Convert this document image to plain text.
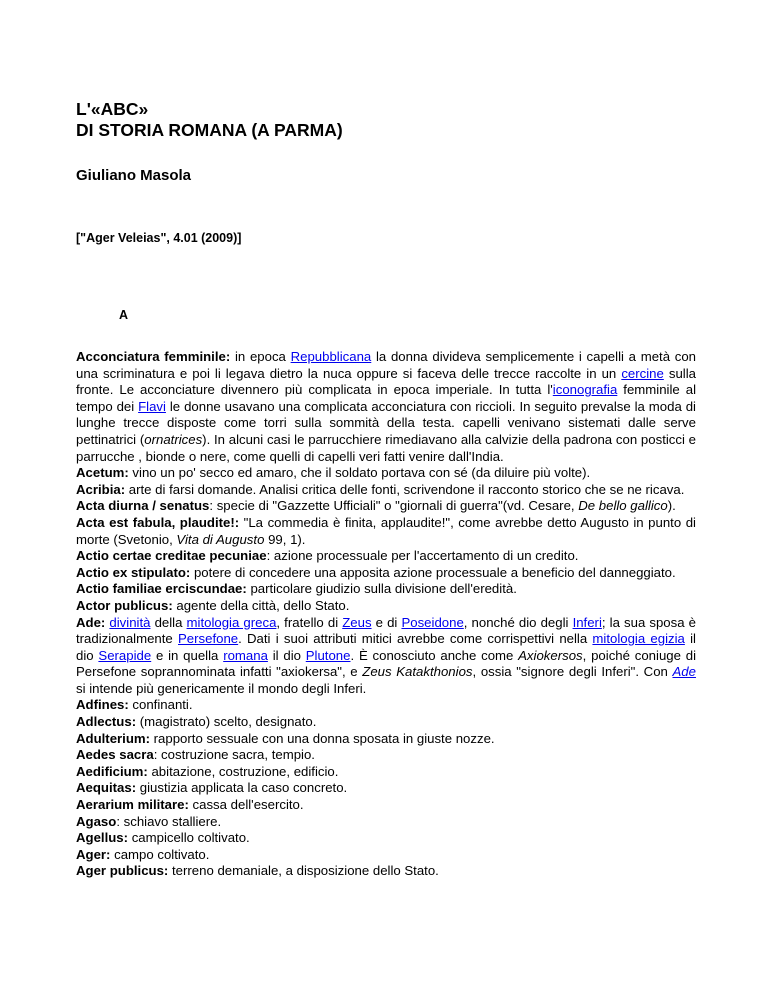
L'«ABC»
DI STORIA ROMANA (A PARMA)

Giuliano Masola

["Ager Veleias", 4.01 (2009)]

A

Acconciatura femminile: in epoca Repubblicana la donna divideva semplicemente i capelli a metà con una scriminatura e poi li legava dietro la nuca oppure si faceva delle trecce raccolte in un cercine sulla fronte. Le acconciature divennero più complicata in epoca imperiale. In tutta l'iconografia femminile al tempo dei Flavi le donne usavano una complicata acconciatura con riccioli. In seguito prevalse la moda di lunghe trecce disposte come torri sulla sommità della testa. capelli venivano sistemati dalle serve pettinatrici (ornatrices). In alcuni casi le parrucchiere rimediavano alla calvizie della padrona con posticci e parrucche , bionde o nere, come quelli di capelli veri fatti venire dall'India.

Acetum: vino un po' secco ed amaro, che il soldato portava con sé (da diluire più volte).

Acribia: arte di farsi domande. Analisi critica delle fonti, scrivendone il racconto storico che se ne ricava.

Acta diurna / senatus: specie di "Gazzette Ufficiali" o "giornali di guerra"(vd. Cesare, De bello gallico).

Acta est fabula, plaudite!: "La commedia è finita, applaudite!", come avrebbe detto Augusto in punto di morte (Svetonio, Vita di Augusto 99, 1).

Actio certae creditae pecuniae: azione processuale per l'accertamento di un credito.

Actio ex stipulato: potere di concedere una apposita azione processuale a beneficio del danneggiato.

Actio familiae erciscundae: particolare giudizio sulla divisione dell'eredità.

Actor publicus: agente della città, dello Stato.

Ade: divinità della mitologia greca, fratello di Zeus e di Poseidone, nonché dio degli Inferi; la sua sposa è tradizionalmente Persefone. Dati i suoi attributi mitici avrebbe come corrispettivi nella mitologia egizia il dio Serapide e in quella romana il dio Plutone. È conosciuto anche come Axiokersos, poiché coniuge di Persefone soprannominata infatti "axiokersa", e Zeus Katakthonios, ossia "signore degli Inferi". Con Ade si intende più genericamente il mondo degli Inferi.

Adfines: confinanti.

Adlectus: (magistrato) scelto, designato.

Adulterium: rapporto sessuale con una donna sposata in giuste nozze.

Aedes sacra: costruzione sacra, tempio.

Aedificium: abitazione, costruzione, edificio.

Aequitas: giustizia applicata la caso concreto.

Aerarium militare: cassa dell'esercito.

Agaso: schiavo stalliere.

Agellus: campicello coltivato.

Ager: campo coltivato.

Ager publicus: terreno demaniale, a disposizione dello Stato.
